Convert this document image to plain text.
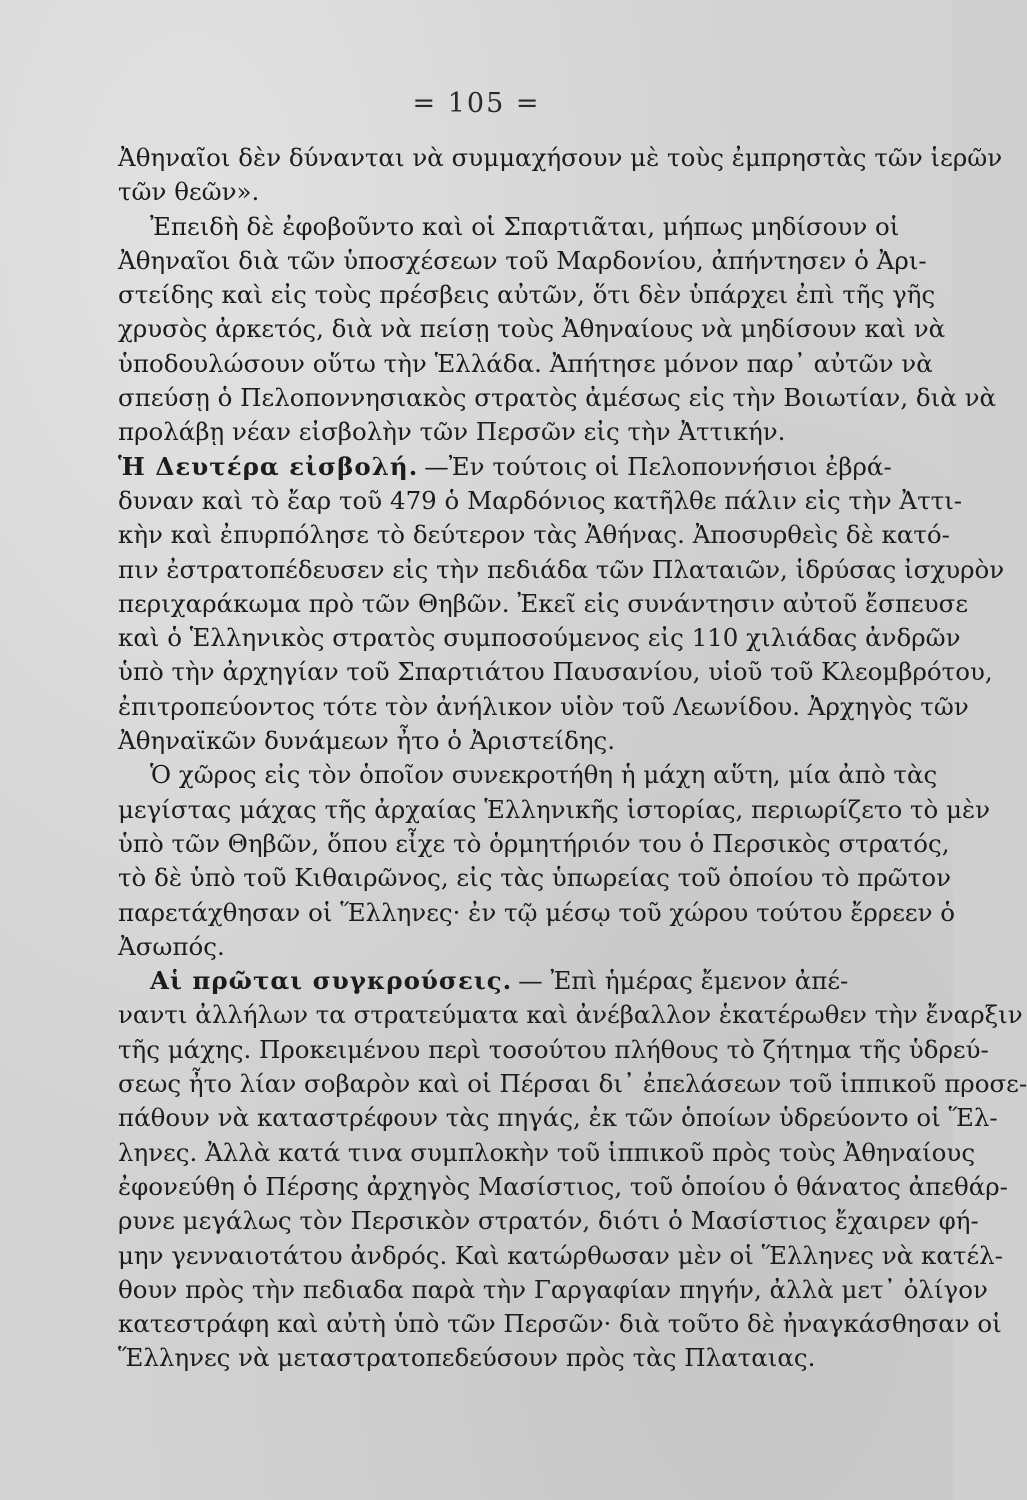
= 105 =
Ἀθηναῖοι δὲν δύνανται νὰ συμμαχήσουν μὲ τοὺς ἐμπρηστὰς τῶν ἱερῶν
τῶν θεῶν».
Ἐπειδὴ δὲ ἐφοβοῦντο καὶ οἱ Σπαρτιᾶται, μήπως μηδίσουν οἱ
Ἀθηναῖοι διὰ τῶν ὑποσχέσεων τοῦ Μαρδονίου, ἀπήντησεν ὁ Ἀρι-
στείδης καὶ εἰς τοὺς πρέσβεις αὐτῶν, ὅτι δὲν ὑπάρχει ἐπὶ τῆς γῆς
χρυσὸς ἀρκετός, διὰ νὰ πείσῃ τοὺς Ἀθηναίους νὰ μηδίσουν καὶ νὰ
ὑποδουλώσουν οὕτω τὴν Ἑλλάδα. Ἀπήτησε μόνον παρ᾽ αὐτῶν νὰ
σπεύσῃ ὁ Πελοποννησιακὸς στρατὸς ἀμέσως εἰς τὴν Βοιωτίαν, διὰ νὰ
προλάβῃ νέαν εἰσβολὴν τῶν Περσῶν εἰς τὴν Ἀττικήν.
Ἡ Δευτέρα εἰσβολή. —Ἐν τούτοις οἱ Πελοποννήσιοι ἐβρά-
δυναν καὶ τὸ ἔαρ τοῦ 479 ὁ Μαρδόνιος κατῆλθε πάλιν εἰς τὴν Ἀττι-
κὴν καὶ ἐπυρπόλησε τὸ δεύτερον τὰς Ἀθήνας. Ἀποσυρθεὶς δὲ κατό-
πιν ἐστρατοπέδευσεν εἰς τὴν πεδιάδα τῶν Πλαταιῶν, ἱδρύσας ἰσχυρὸν
περιχαράκωμα πρὸ τῶν Θηβῶν. Ἐκεῖ εἰς συνάντησιν αὐτοῦ ἔσπευσε
καὶ ὁ Ἑλληνικὸς στρατὸς συμποσούμενος εἰς 110 χιλιάδας ἀνδρῶν
ὑπὸ τὴν ἀρχηγίαν τοῦ Σπαρτιάτου Παυσανίου, υἱοῦ τοῦ Κλεομβρότου,
ἐπιτροπεύοντος τότε τὸν ἀνήλικον υἱὸν τοῦ Λεωνίδου. Ἀρχηγὸς τῶν
Ἀθηναϊκῶν δυνάμεων ἦτο ὁ Ἀριστείδης.
Ὁ χῶρος εἰς τὸν ὁποῖον συνεκροτήθη ἡ μάχη αὕτη, μία ἀπὸ τὰς
μεγίστας μάχας τῆς ἀρχαίας Ἑλληνικῆς ἱστορίας, περιωρίζετο τὸ μὲν
ὑπὸ τῶν Θηβῶν, ὅπου εἶχε τὸ ὁρμητήριόν του ὁ Περσικὸς στρατός,
τὸ δὲ ὑπὸ τοῦ Κιθαιρῶνος, εἰς τὰς ὑπωρείας τοῦ ὁποίου τὸ πρῶτον
παρετάχθησαν οἱ Ἕλληνες· ἐν τῷ μέσῳ τοῦ χώρου τούτου ἔρρεεν ὁ
Ἀσωπός.
Αἱ πρῶται συγκρούσεις. — Ἐπὶ ἡμέρας ἔμενον ἀπέ-
ναντι ἀλλήλων τα στρατεύματα καὶ ἀνέβαλλον ἑκατέρωθεν τὴν ἔναρξιν
τῆς μάχης. Προκειμένου περὶ τοσούτου πλήθους τὸ ζήτημα τῆς ὑδρεύ-
σεως ἦτο λίαν σοβαρὸν καὶ οἱ Πέρσαι δι᾽ ἐπελάσεων τοῦ ἱππικοῦ προσε-
πάθουν νὰ καταστρέφουν τὰς πηγάς, ἐκ τῶν ὁποίων ὑδρεύοντο οἱ Ἕλ-
ληνες. Ἀλλὰ κατά τινα συμπλοκὴν τοῦ ἱππικοῦ πρὸς τοὺς Ἀθηναίους
ἐφονεύθη ὁ Πέρσης ἀρχηγὸς Μασίστιος, τοῦ ὁποίου ὁ θάνατος ἀπεθάρ-
ρυνε μεγάλως τὸν Περσικὸν στρατόν, διότι ὁ Μασίστιος ἔχαιρεν φή-
μην γενναιοτάτου ἀνδρός. Καὶ κατώρθωσαν μὲν οἱ Ἕλληνες νὰ κατέλ-
θουν πρὸς τὴν πεδιαδα παρὰ τὴν Γαργαφίαν πηγήν, ἀλλὰ μετ᾽ ὀλίγον
κατεστράφη καὶ αὐτὴ ὑπὸ τῶν Περσῶν· διὰ τοῦτο δὲ ἠναγκάσθησαν οἱ
Ἕλληνες νὰ μεταστρατοπεδεύσουν πρὸς τὰς Πλαταιας.
